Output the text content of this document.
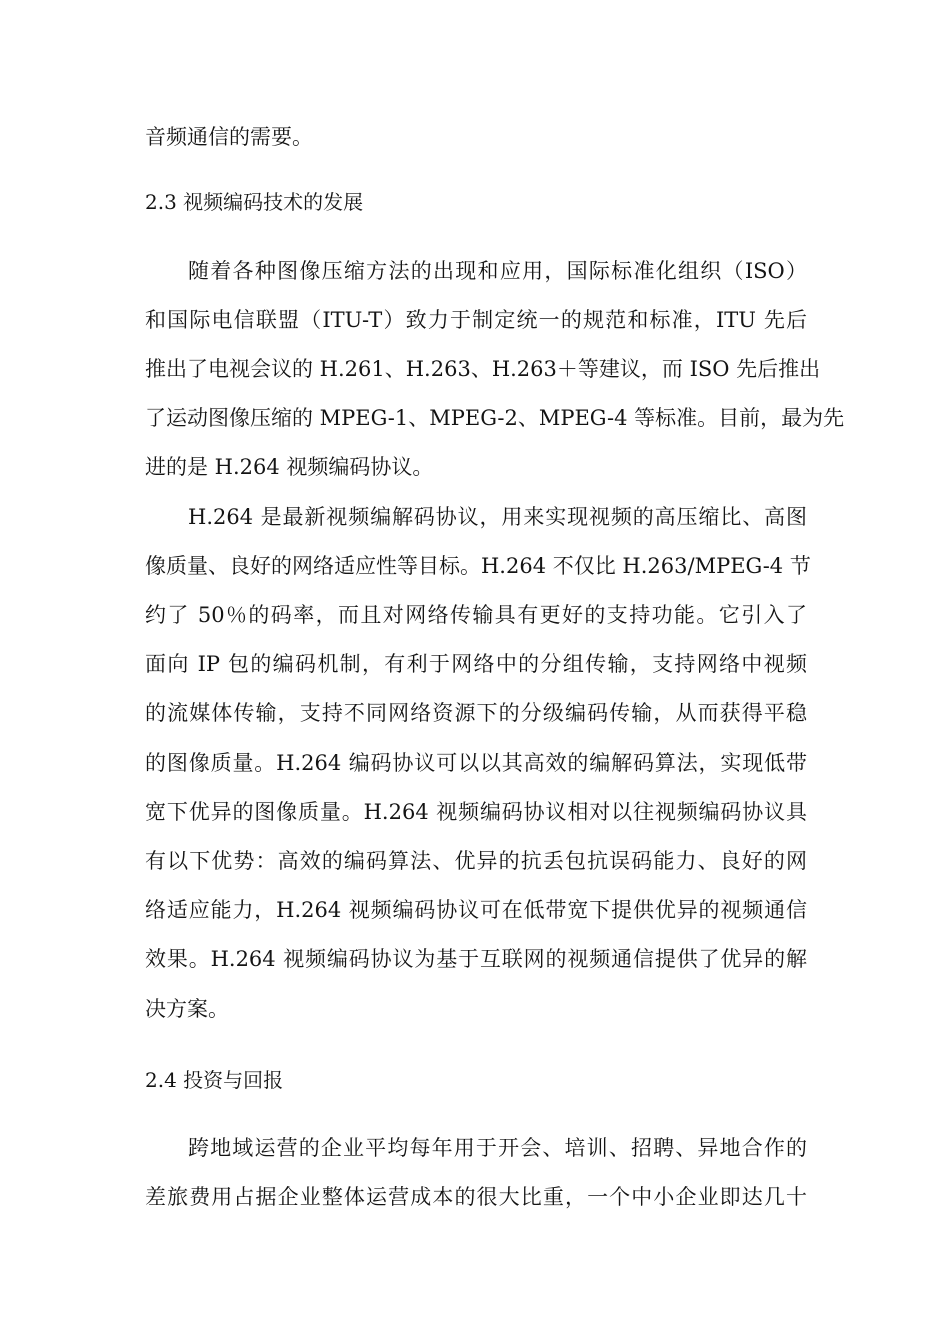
音频通信的需要。
2.3 视频编码技术的发展
随着各种图像压缩方法的出现和应用，国际标准化组织（ISO）
和国际电信联盟（ITU-T）致力于制定统一的规范和标准，ITU 先后
推出了电视会议的 H.261、H.263、H.263＋等建议，而 ISO 先后推出
了运动图像压缩的 MPEG-1、MPEG-2、MPEG-4 等标准。目前，最为先
进的是 H.264 视频编码协议。
H.264 是最新视频编解码协议，用来实现视频的高压缩比、高图
像质量、良好的网络适应性等目标。H.264 不仅比 H.263/MPEG-4 节
约了 50％的码率，而且对网络传输具有更好的支持功能。它引入了
面向 IP 包的编码机制，有利于网络中的分组传输，支持网络中视频
的流媒体传输，支持不同网络资源下的分级编码传输，从而获得平稳
的图像质量。H.264 编码协议可以以其高效的编解码算法，实现低带
宽下优异的图像质量。H.264 视频编码协议相对以往视频编码协议具
有以下优势：高效的编码算法、优异的抗丢包抗误码能力、良好的网
络适应能力，H.264 视频编码协议可在低带宽下提供优异的视频通信
效果。H.264 视频编码协议为基于互联网的视频通信提供了优异的解
决方案。
2.4 投资与回报
跨地域运营的企业平均每年用于开会、培训、招聘、异地合作的
差旅费用占据企业整体运营成本的很大比重，一个中小企业即达几十
